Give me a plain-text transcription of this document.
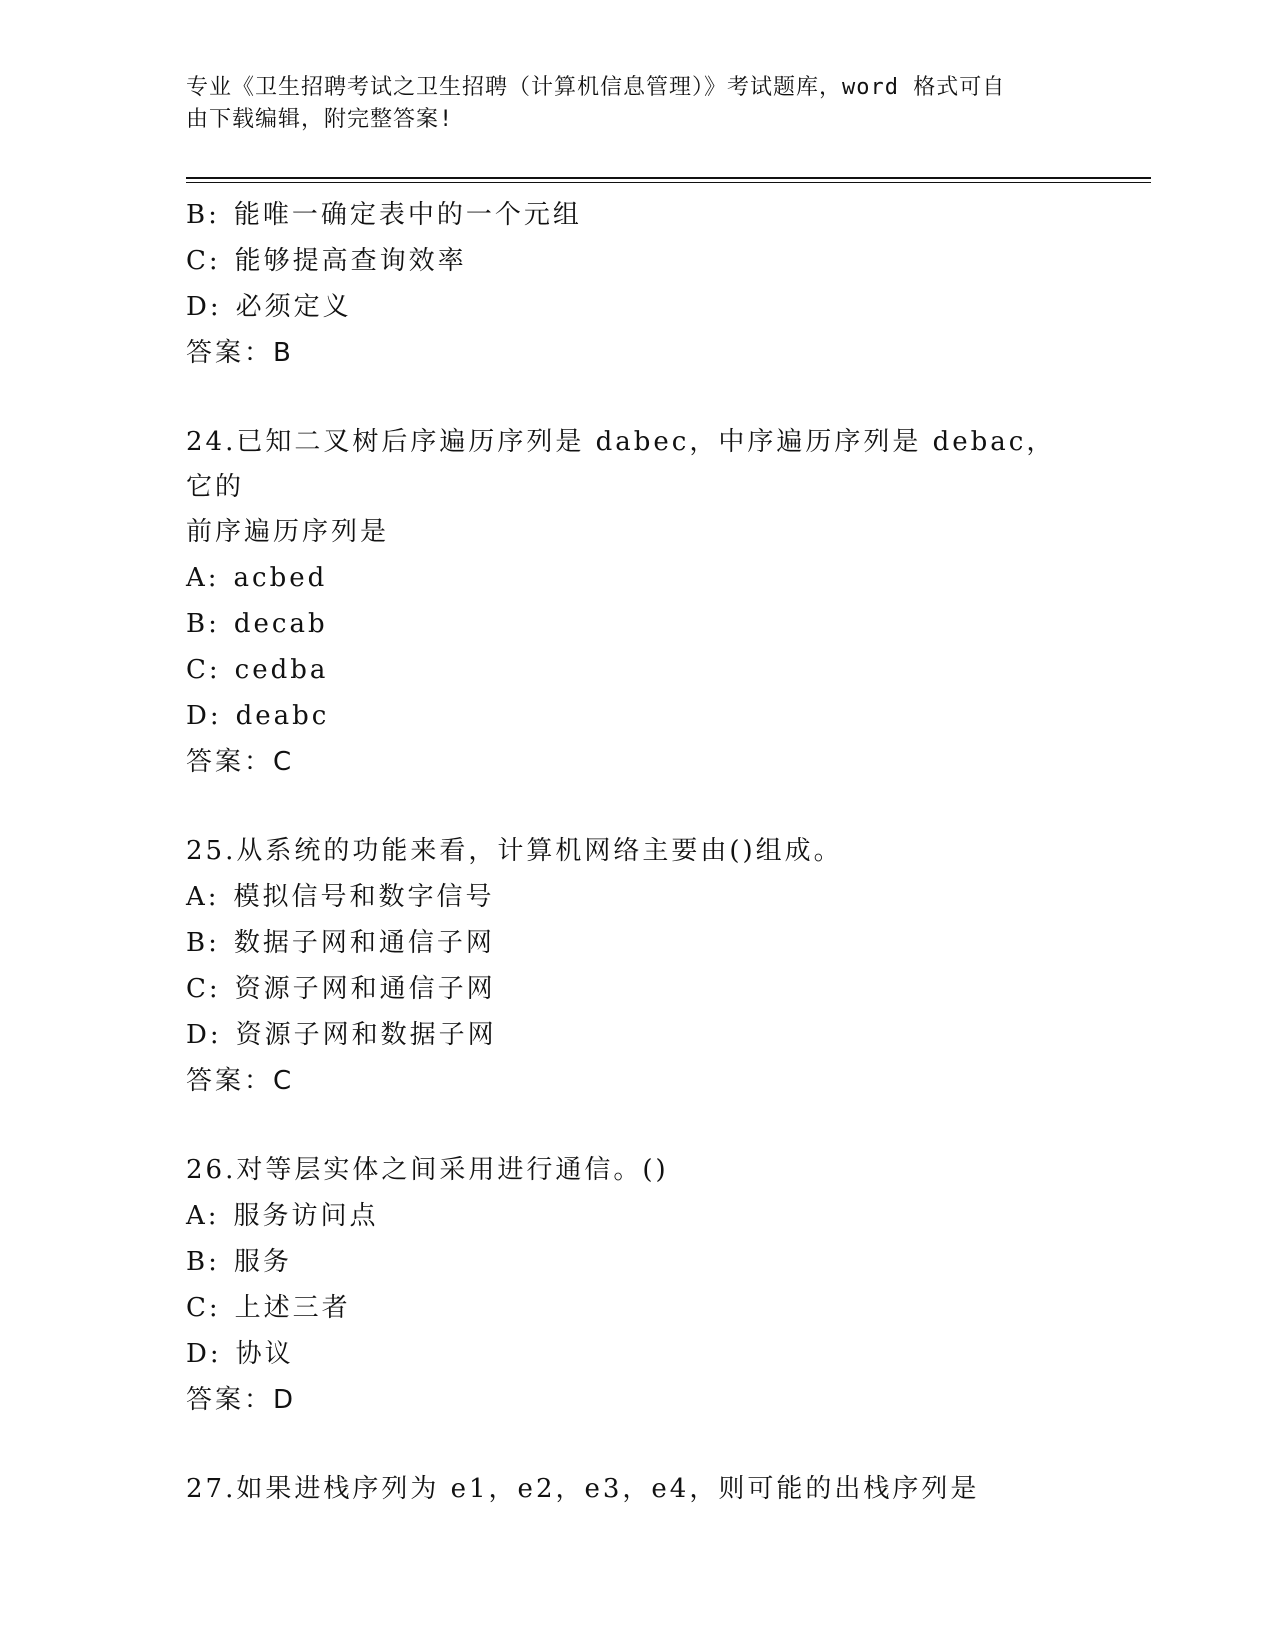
专业《卫生招聘考试之卫生招聘（计算机信息管理）》考试题库，word 格式可自
由下载编辑，附完整答案!
B: 能唯一确定表中的一个元组
C: 能够提高查询效率
D: 必须定义
答案：B
24.已知二叉树后序遍历序列是 dabec，中序遍历序列是 debac，它的
前序遍历序列是
A: acbed
B: decab
C: cedba
D: deabc
答案：C
25.从系统的功能来看，计算机网络主要由()组成。
A: 模拟信号和数字信号
B: 数据子网和通信子网
C: 资源子网和通信子网
D: 资源子网和数据子网
答案：C
26.对等层实体之间采用进行通信。()
A: 服务访问点
B: 服务
C: 上述三者
D: 协议
答案：D
27.如果进栈序列为 e1，e2，e3，e4，则可能的出栈序列是
